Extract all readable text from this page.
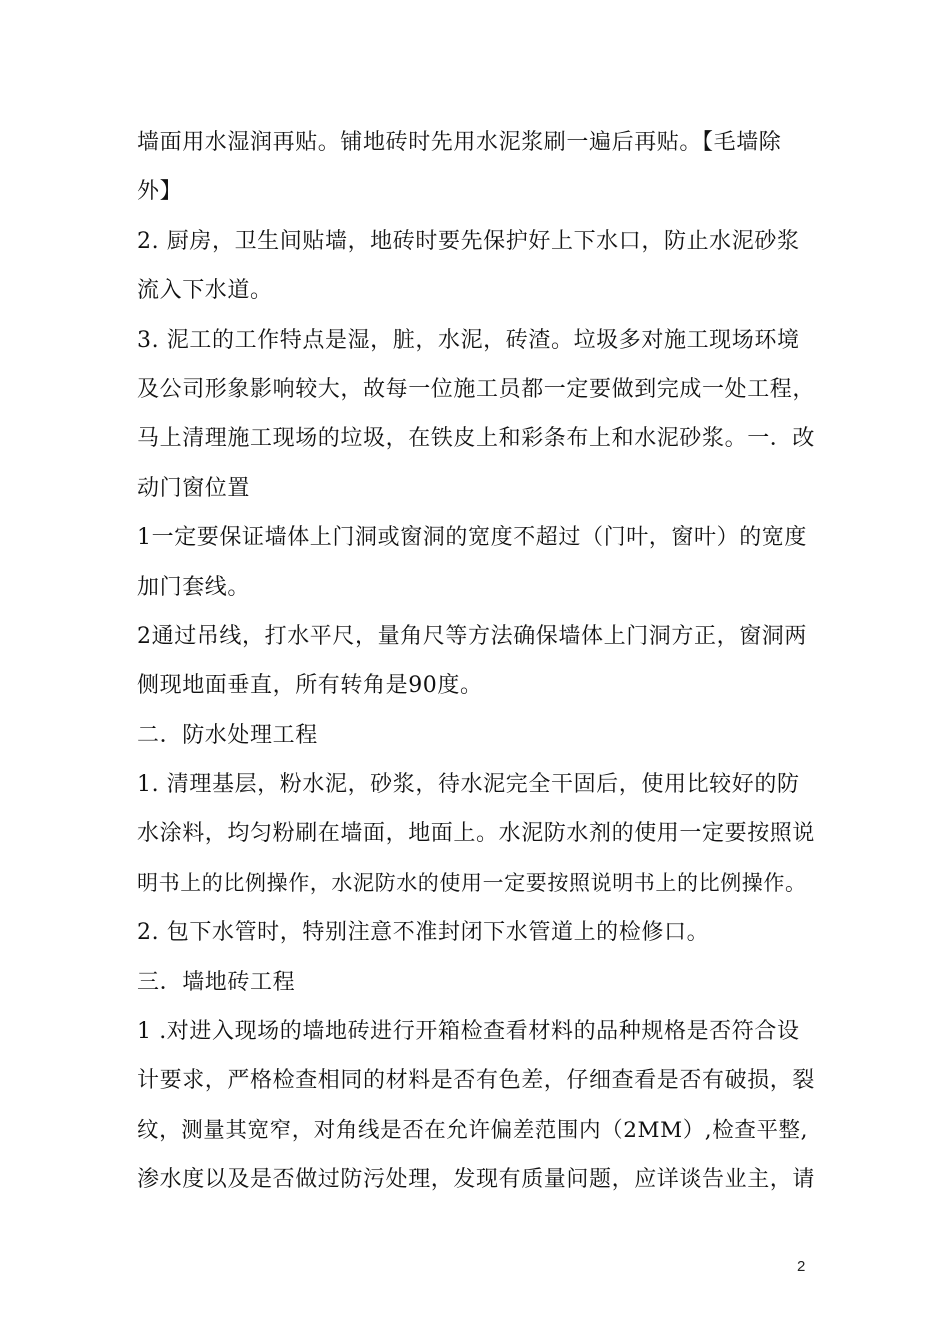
墙面用水湿润再贴。铺地砖时先用水泥浆刷一遍后再贴。【毛墙除
外】
2. 厨房，卫生间贴墙，地砖时要先保护好上下水口，防止水泥砂浆
流入下水道。
3. 泥工的工作特点是湿，脏，水泥，砖渣。垃圾多对施工现场环境
及公司形象影响较大，故每一位施工员都一定要做到完成一处工程，
马上清理施工现场的垃圾，在铁皮上和彩条布上和水泥砂浆。一．改
动门窗位置
1一定要保证墙体上门洞或窗洞的宽度不超过（门叶，窗叶）的宽度
加门套线。
2通过吊线，打水平尺，量角尺等方法确保墙体上门洞方正，窗洞两
侧现地面垂直，所有转角是90度。
二．防水处理工程
1. 清理基层，粉水泥，砂浆，待水泥完全干固后，使用比较好的防
水涂料，均匀粉刷在墙面，地面上。水泥防水剂的使用一定要按照说
明书上的比例操作，水泥防水的使用一定要按照说明书上的比例操作。
2. 包下水管时，特别注意不准封闭下水管道上的检修口。
三．墙地砖工程
1 .对进入现场的墙地砖进行开箱检查看材料的品种规格是否符合设
计要求，严格检查相同的材料是否有色差，仔细查看是否有破损，裂
纹，测量其宽窄，对角线是否在允许偏差范围内（2MM）,检查平整,
渗水度以及是否做过防污处理，发现有质量问题，应详谈告业主，请
2
